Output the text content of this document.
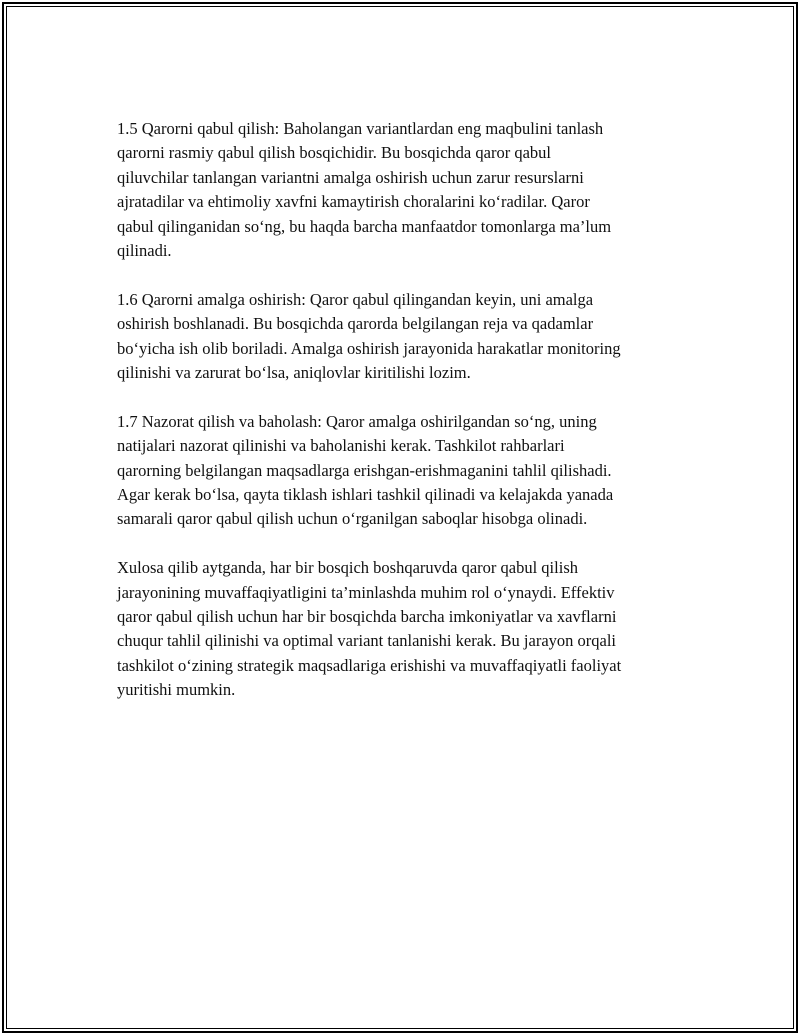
1.5 Qarorni qabul qilish: Baholangan variantlardan eng maqbulini tanlash
qarorni rasmiy qabul qilish bosqichidir. Bu bosqichda qaror qabul
qiluvchilar tanlangan variantni amalga oshirish uchun zarur resurslarni
ajratadilar va ehtimoliy xavfni kamaytirish choralarini ko‘radilar. Qaror
qabul qilinganidan so‘ng, bu haqda barcha manfaatdor tomonlarga ma’lum
qilinadi.

1.6 Qarorni amalga oshirish: Qaror qabul qilingandan keyin, uni amalga
oshirish boshlanadi. Bu bosqichda qarorda belgilangan reja va qadamlar
bo‘yicha ish olib boriladi. Amalga oshirish jarayonida harakatlar monitoring
qilinishi va zarurat bo‘lsa, aniqlovlar kiritilishi lozim.

1.7 Nazorat qilish va baholash: Qaror amalga oshirilgandan so‘ng, uning
natijalari nazorat qilinishi va baholanishi kerak. Tashkilot rahbarlari
qarorning belgilangan maqsadlarga erishgan-erishmaganini tahlil qilishadi.
Agar kerak bo‘lsa, qayta tiklash ishlari tashkil qilinadi va kelajakda yanada
samarali qaror qabul qilish uchun o‘rganilgan saboqlar hisobga olinadi.

Xulosa qilib aytganda, har bir bosqich boshqaruvda qaror qabul qilish
jarayonining muvaffaqiyatligini ta’minlashda muhim rol o‘ynaydi. Effektiv
qaror qabul qilish uchun har bir bosqichda barcha imkoniyatlar va xavflarni
chuqur tahlil qilinishi va optimal variant tanlanishi kerak. Bu jarayon orqali
tashkilot o‘zining strategik maqsadlariga erishishi va muvaffaqiyatli faoliyat
yuritishi mumkin.
